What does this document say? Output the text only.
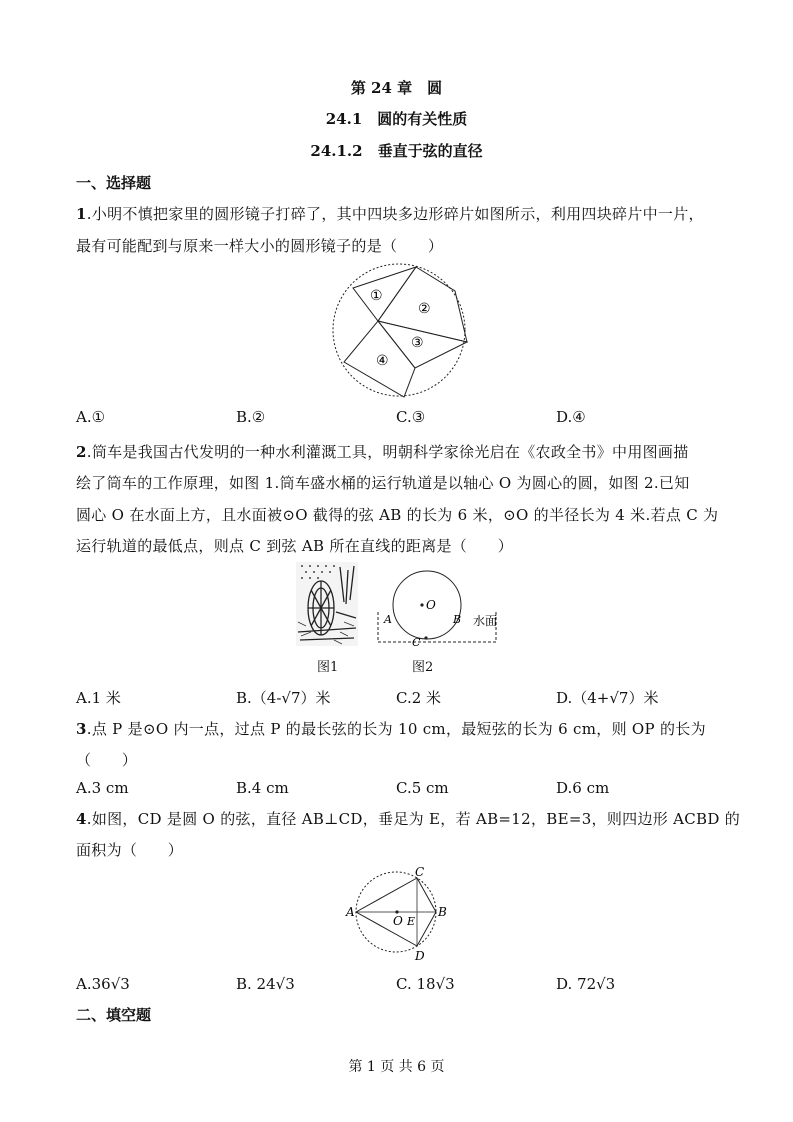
第 24 章　圆
24.1　圆的有关性质
24.1.2　垂直于弦的直径
一、选择题
1.小明不慎把家里的圆形镜子打碎了，其中四块多边形碎片如图所示，利用四块碎片中一片，
最有可能配到与原来一样大小的圆形镜子的是（　　）
①
②
③
④
A.①	B.②	C.③	D.④
2.筒车是我国古代发明的一种水利灌溉工具，明朝科学家徐光启在《农政全书》中用图画描
绘了筒车的工作原理，如图 1.筒车盛水桶的运行轨道是以轴心 O 为圆心的圆，如图 2.已知
圆心 O 在水面上方，且水面被⊙O 截得的弦 AB 的长为 6 米，⊙O 的半径长为 4 米.若点 C 为
运行轨道的最低点，则点 C 到弦 AB 所在直线的距离是（　　）
图1
O
A	B
C
水面
图2
A.1 米	B.（4-√7）米	C.2 米	D.（4+√7）米
3.点 P 是⊙O 内一点，过点 P 的最长弦的长为 10 cm，最短弦的长为 6 cm，则 OP 的长为
（　　）
A.3 cm	B.4 cm	C.5 cm	D.6 cm
4.如图，CD 是圆 O 的弦，直径 AB⊥CD，垂足为 E，若 AB=12，BE=3，则四边形 ACBD 的
面积为（　　）
A	B
C
D
O E
A.36√3	B. 24√3	C. 18√3	D. 72√3
二、填空题
第 1 页 共 6 页
